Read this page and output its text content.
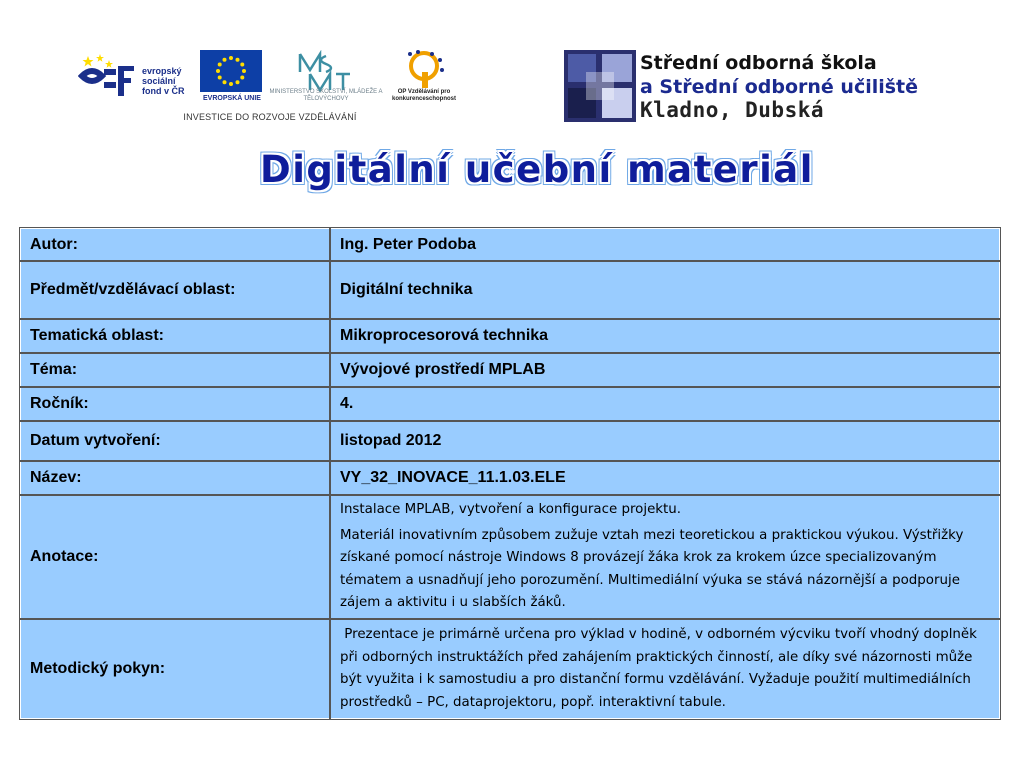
evropský sociální fond v ČR
EVROPSKÁ UNIE
MINISTERSTVO ŠKOLSTVÍ, MLÁDEŽE A TĚLOVÝCHOVY
OP Vzdělávání pro konkurenceschopnost
INVESTICE DO ROZVOJE VZDĚLÁVÁNÍ
Střední odborná škola
a Střední odborné učiliště
Kladno, Dubská
Digitální učební materiál
Autor:	Ing. Peter Podoba
Předmět/vzdělávací oblast:	Digitální technika
Tematická oblast:	Mikroprocesorová technika
Téma:	Vývojové prostředí MPLAB
Ročník:	4.
Datum vytvoření:	listopad 2012
Název:	VY_32_INOVACE_11.1.03.ELE
Anotace:	Instalace MPLAB, vytvoření a konfigurace projektu.

Materiál inovativním způsobem zužuje vztah mezi teoretickou a praktickou výukou. Výstřižky získané pomocí nástroje Windows 8 provázejí žáka krok za krokem úzce specializovaným tématem a usnadňují jeho porozumění. Multimediální výuka se stává názornější a podporuje zájem a aktivitu i u slabších žáků.

Metodický pokyn:	Prezentace je primárně určena pro výklad v hodině, v odborném výcviku tvoří vhodný doplněk při odborných instruktážích před zahájením praktických činností, ale díky své názornosti může být využita i k samostudiu a pro distanční formu vzdělávání. Vyžaduje použití multimediálních prostředků – PC, dataprojektoru, popř. interaktivní tabule.
